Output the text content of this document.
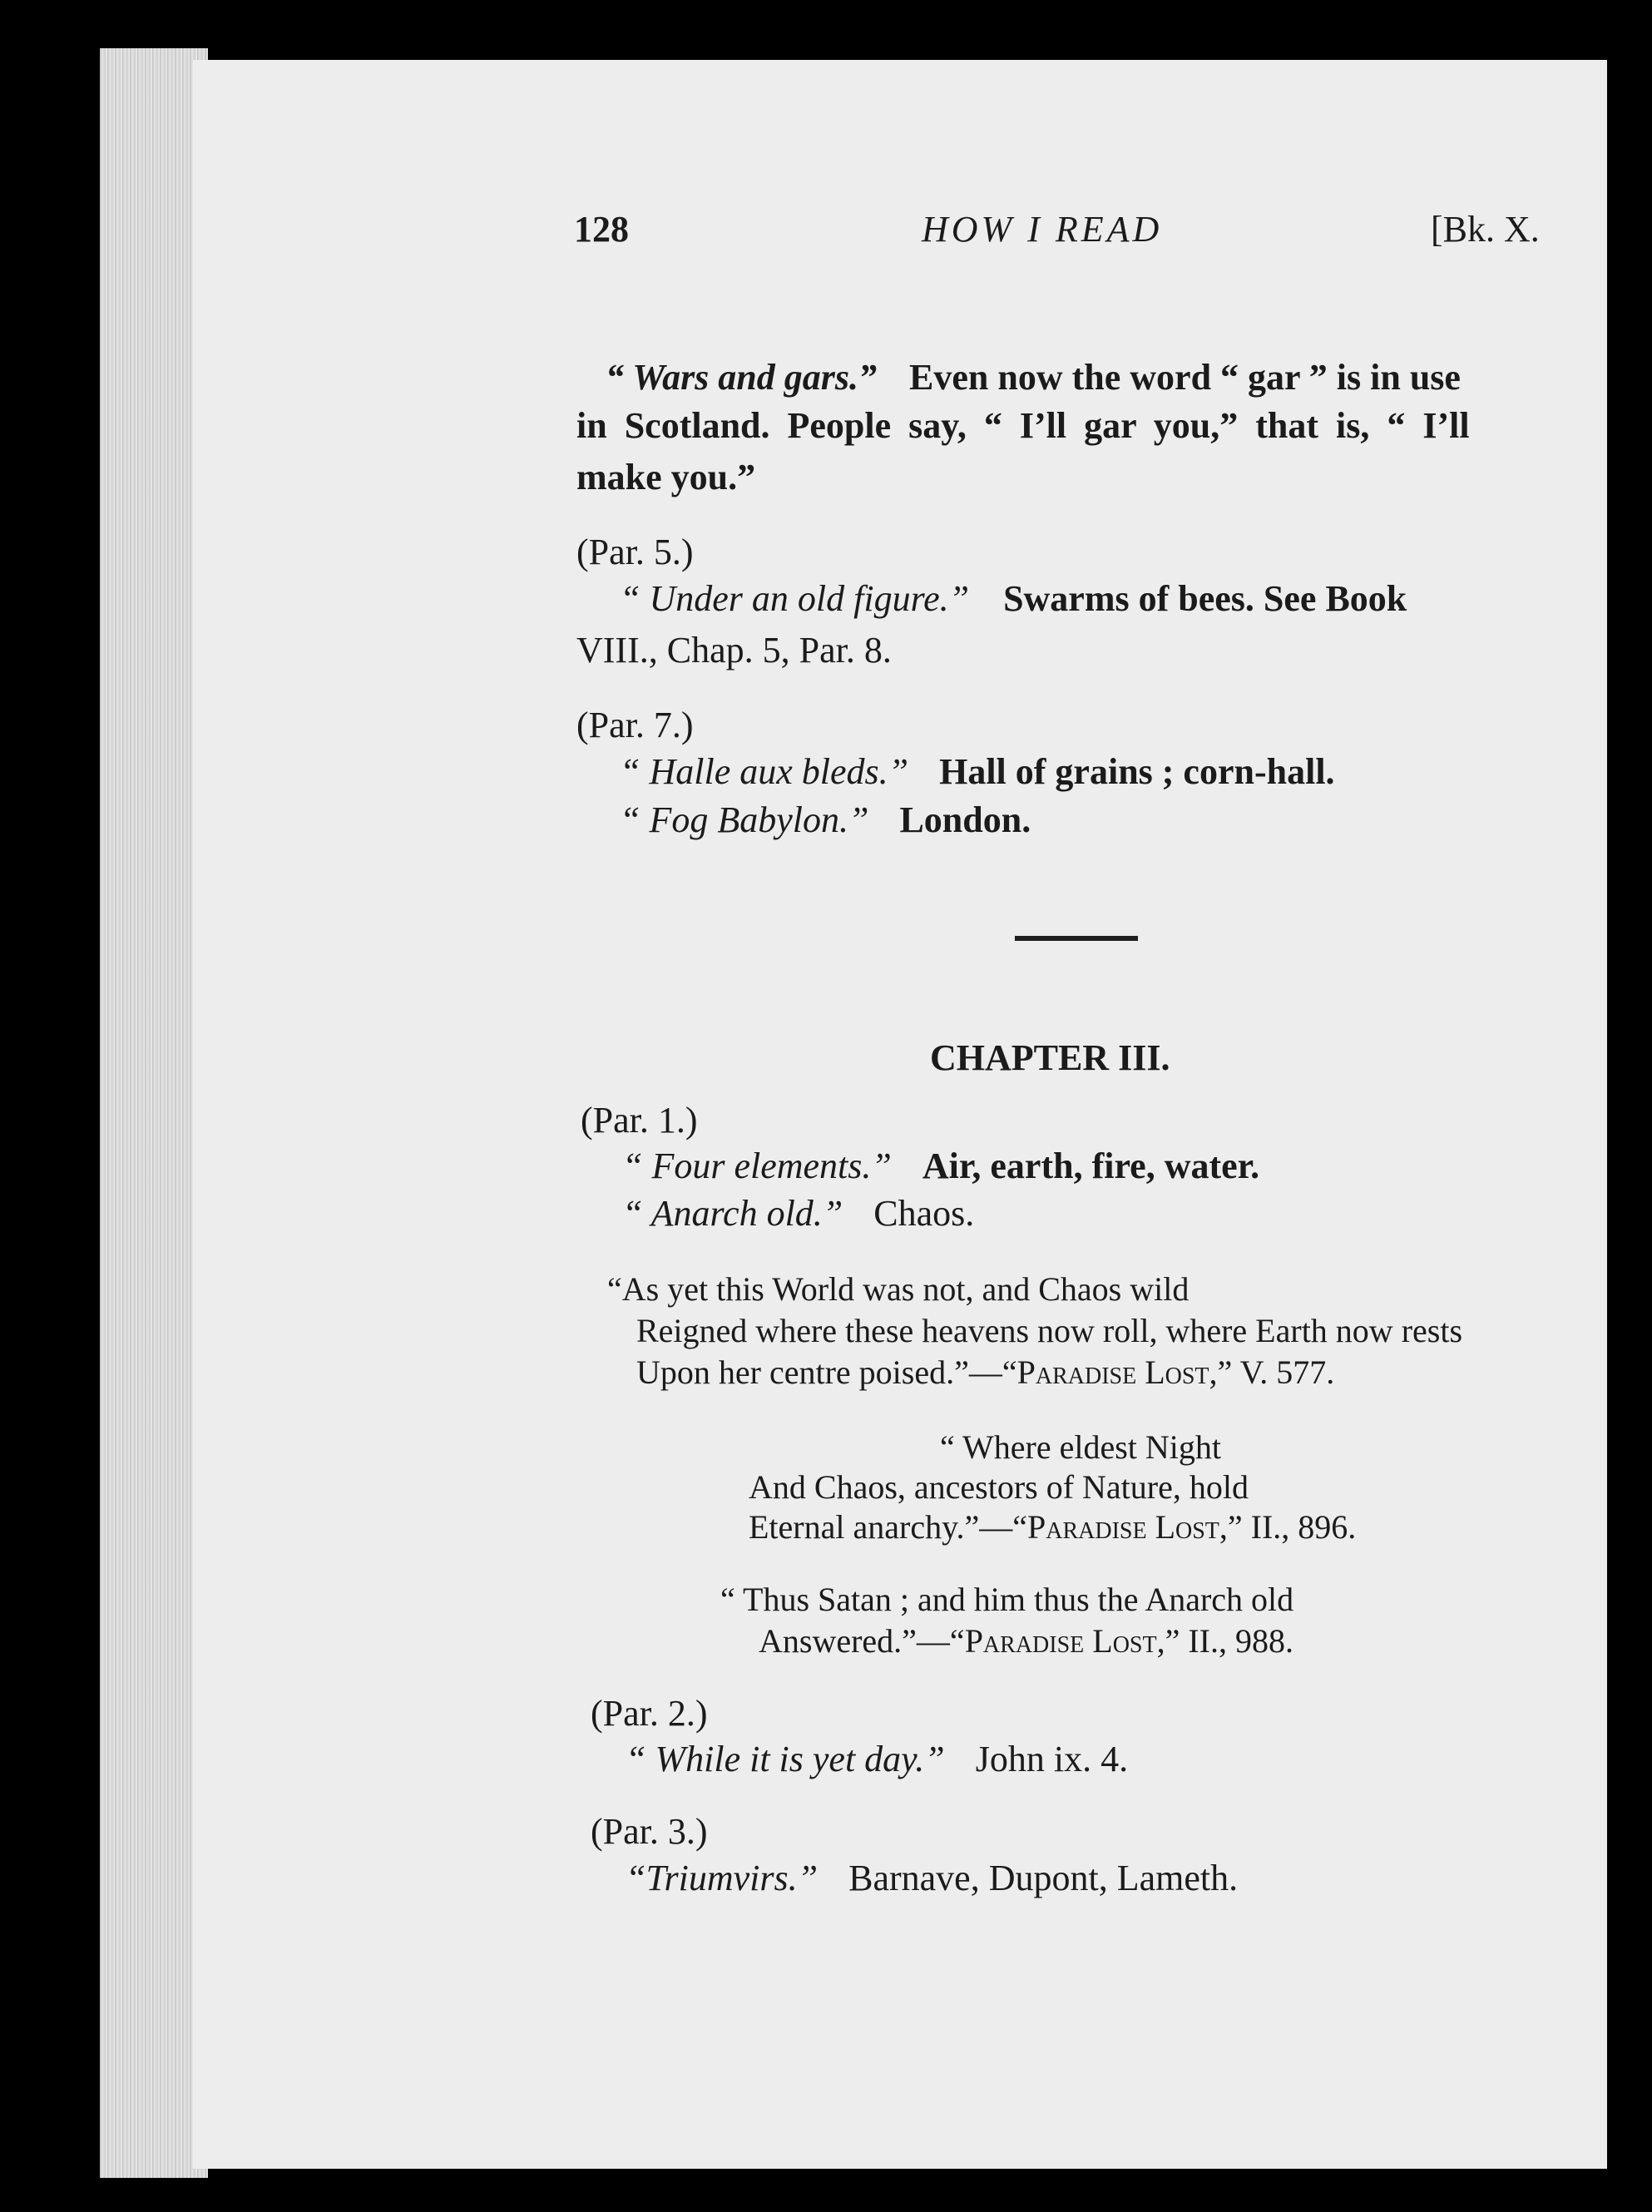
128	HOW I READ	[Bk. X.
“ Wars and gars.” Even now the word “ gar ” is in use
in Scotland. People say, “ I’ll gar you,” that is, “ I’ll
make you.”
(Par. 5.)
“ Under an old figure.” Swarms of bees. See Book
VIII., Chap. 5, Par. 8.
(Par. 7.)
“ Halle aux bleds.” Hall of grains ; corn-hall.
“ Fog Babylon.” London.
CHAPTER III.
(Par. 1.)
“ Four elements.” Air, earth, fire, water.
“ Anarch old.” Chaos.
“As yet this World was not, and Chaos wild
Reigned where these heavens now roll, where Earth now rests
Upon her centre poised.”—“Paradise Lost,” V. 577.
“ Where eldest Night
And Chaos, ancestors of Nature, hold
Eternal anarchy.”—“Paradise Lost,” II., 896.
“ Thus Satan ; and him thus the Anarch old
Answered.”—“Paradise Lost,” II., 988.
(Par. 2.)
“ While it is yet day.” John ix. 4.
(Par. 3.)
“Triumvirs.” Barnave, Dupont, Lameth.
